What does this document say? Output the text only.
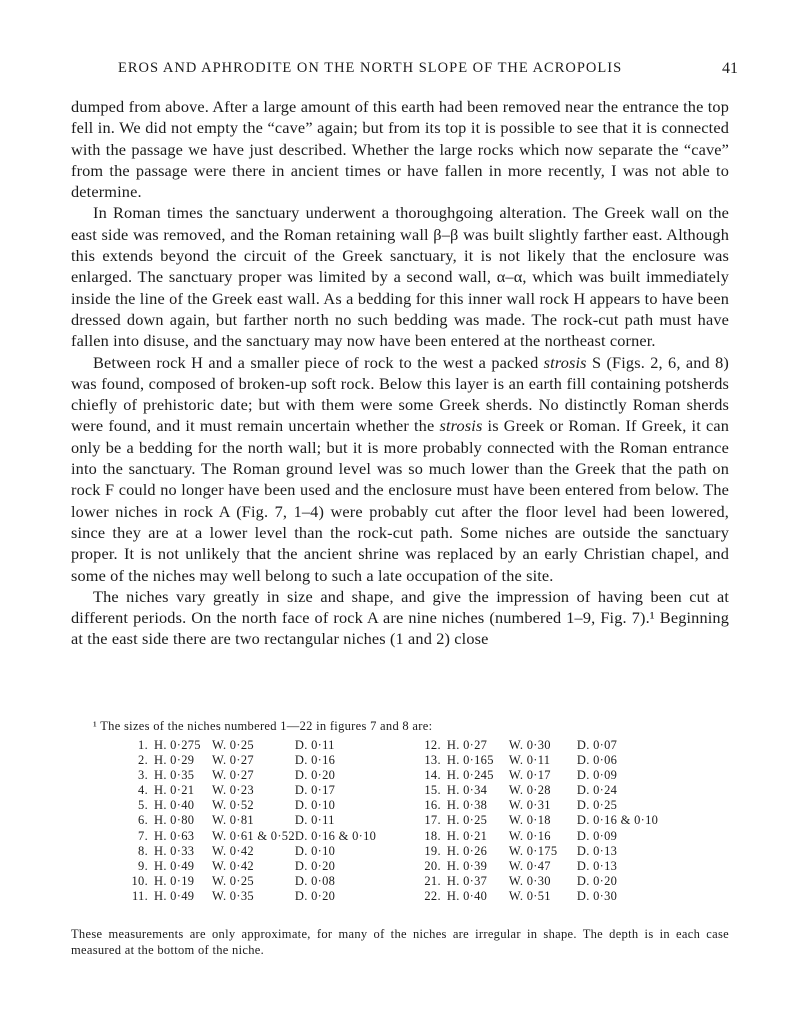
EROS AND APHRODITE ON THE NORTH SLOPE OF THE ACROPOLIS	41

dumped from above. After a large amount of this earth had been removed near the entrance the top fell in. We did not empty the “cave” again; but from its top it is possible to see that it is connected with the passage we have just described. Whether the large rocks which now separate the “cave” from the passage were there in ancient times or have fallen in more recently, I was not able to determine.

In Roman times the sanctuary underwent a thoroughgoing alteration. The Greek wall on the east side was removed, and the Roman retaining wall β–β was built slightly farther east. Although this extends beyond the circuit of the Greek sanctuary, it is not likely that the enclosure was enlarged. The sanctuary proper was limited by a second wall, α–α, which was built immediately inside the line of the Greek east wall. As a bedding for this inner wall rock H appears to have been dressed down again, but farther north no such bedding was made. The rock-cut path must have fallen into disuse, and the sanctuary may now have been entered at the northeast corner.

Between rock H and a smaller piece of rock to the west a packed strosis S (Figs. 2, 6, and 8) was found, composed of broken-up soft rock. Below this layer is an earth fill containing potsherds chiefly of prehistoric date; but with them were some Greek sherds. No distinctly Roman sherds were found, and it must remain uncertain whether the strosis is Greek or Roman. If Greek, it can only be a bedding for the north wall; but it is more probably connected with the Roman entrance into the sanctuary. The Roman ground level was so much lower than the Greek that the path on rock F could no longer have been used and the enclosure must have been entered from below. The lower niches in rock A (Fig. 7, 1–4) were probably cut after the floor level had been lowered, since they are at a lower level than the rock-cut path. Some niches are outside the sanctuary proper. It is not unlikely that the ancient shrine was replaced by an early Christian chapel, and some of the niches may well belong to such a late occupation of the site.

The niches vary greatly in size and shape, and give the impression of having been cut at different periods. On the north face of rock A are nine niches (numbered 1–9, Fig. 7).¹ Beginning at the east side there are two rectangular niches (1 and 2) close

¹ The sizes of the niches numbered 1—22 in figures 7 and 8 are:
1.	H. 0·275	W. 0·25	D. 0·11	12.	H. 0·27	W. 0·30	D. 0·07
2.	H. 0·29	W. 0·27	D. 0·16	13.	H. 0·165	W. 0·11	D. 0·06
3.	H. 0·35	W. 0·27	D. 0·20	14.	H. 0·245	W. 0·17	D. 0·09
4.	H. 0·21	W. 0·23	D. 0·17	15.	H. 0·34	W. 0·28	D. 0·24
5.	H. 0·40	W. 0·52	D. 0·10	16.	H. 0·38	W. 0·31	D. 0·25
6.	H. 0·80	W. 0·81	D. 0·11	17.	H. 0·25	W. 0·18	D. 0·16 & 0·10
7.	H. 0·63	W. 0·61 & 0·52	D. 0·16 & 0·10	18.	H. 0·21	W. 0·16	D. 0·09
8.	H. 0·33	W. 0·42	D. 0·10	19.	H. 0·26	W. 0·175	D. 0·13
9.	H. 0·49	W. 0·42	D. 0·20	20.	H. 0·39	W. 0·47	D. 0·13
10.	H. 0·19	W. 0·25	D. 0·08	21.	H. 0·37	W. 0·30	D. 0·20
11.	H. 0·49	W. 0·35	D. 0·20	22.	H. 0·40	W. 0·51	D. 0·30

These measurements are only approximate, for many of the niches are irregular in shape. The depth is in each case measured at the bottom of the niche.
